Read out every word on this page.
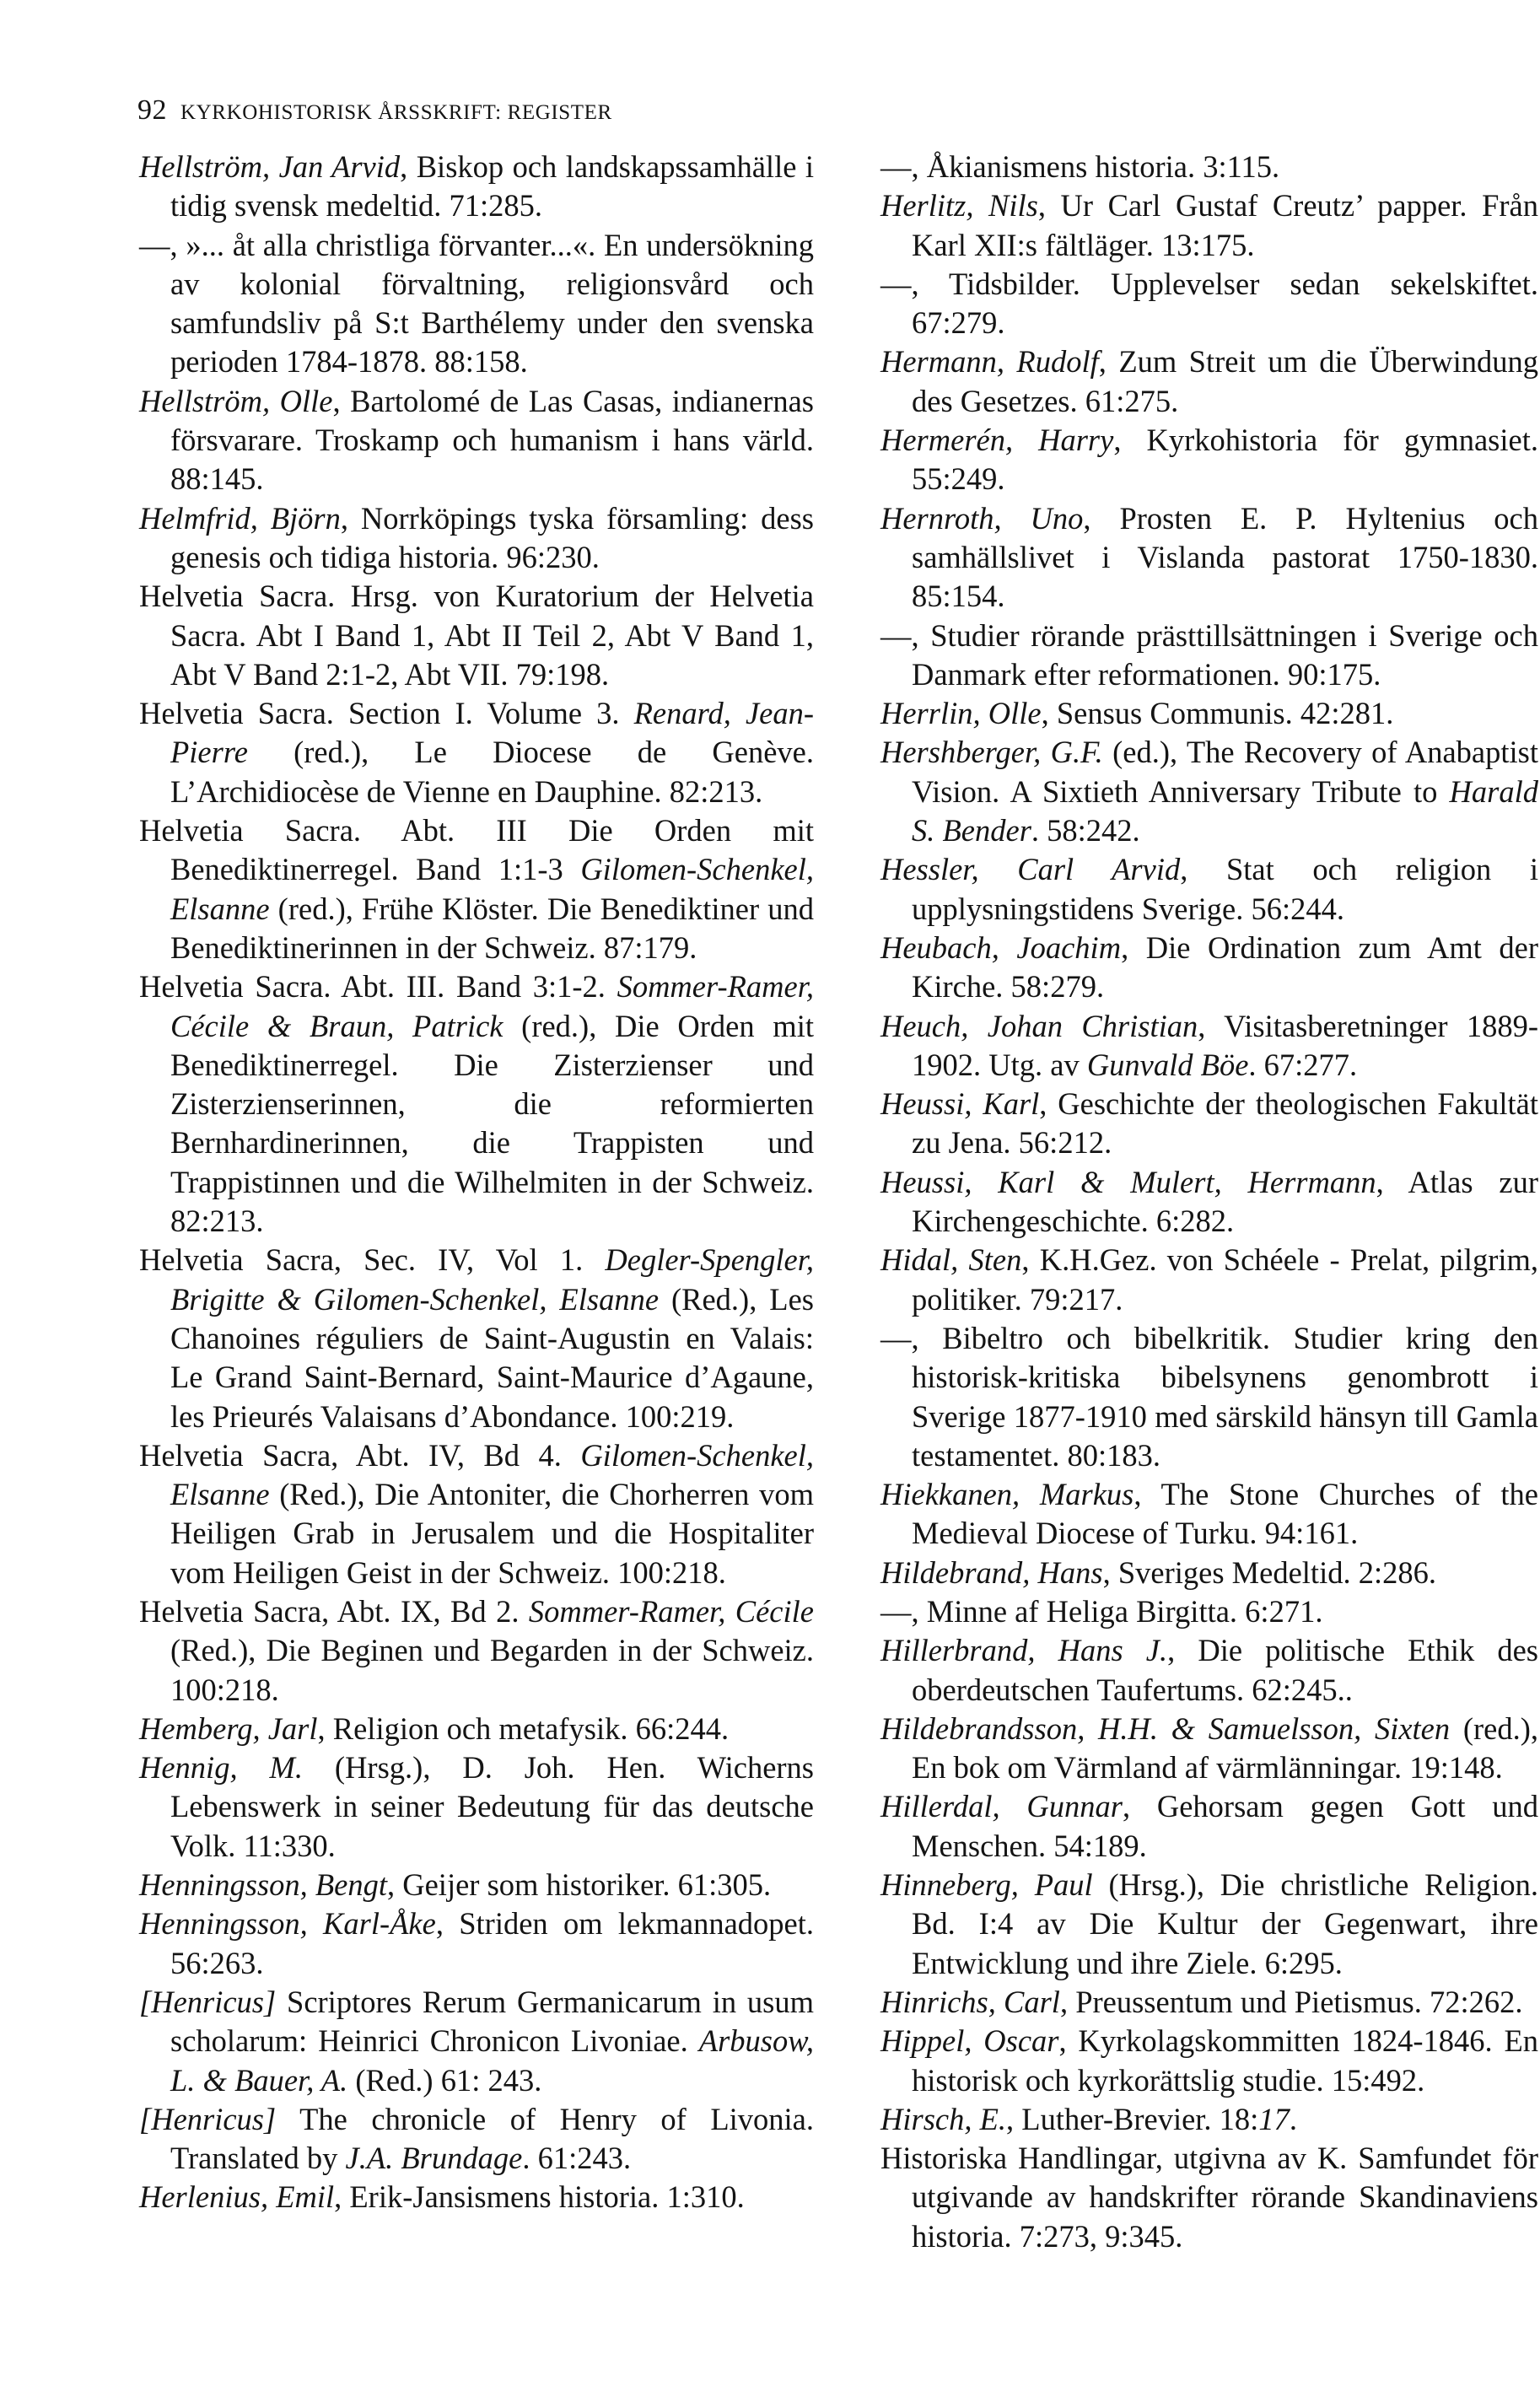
92 KYRKOHISTORISK ÅRSSKRIFT: REGISTER

Hellström, Jan Arvid, Biskop och landskapssamhälle i tidig svensk medeltid. 71:285.

—, »... åt alla christliga förvanter...«. En undersökning av kolonial förvaltning, religionsvård och samfundsliv på S:t Barthélemy under den svenska perioden 1784-1878. 88:158.

Hellström, Olle, Bartolomé de Las Casas, indianernas försvarare. Troskamp och humanism i hans värld. 88:145.

Helmfrid, Björn, Norrköpings tyska församling: dess genesis och tidiga historia. 96:230.

Helvetia Sacra. Hrsg. von Kuratorium der Helvetia Sacra. Abt I Band 1, Abt II Teil 2, Abt V Band 1, Abt V Band 2:1-2, Abt VII. 79:198.

Helvetia Sacra. Section I. Volume 3. Renard, Jean-Pierre (red.), Le Diocese de Genève. L’Archidiocèse de Vienne en Dauphine. 82:213.

Helvetia Sacra. Abt. III Die Orden mit Benediktinerregel. Band 1:1-3 Gilomen-Schenkel, Elsanne (red.), Frühe Klöster. Die Benediktiner und Benediktinerinnen in der Schweiz. 87:179.

Helvetia Sacra. Abt. III. Band 3:1-2. Sommer-Ramer, Cécile & Braun, Patrick (red.), Die Orden mit Benediktinerregel. Die Zisterzienser und Zisterzienserinnen, die reformierten Bernhardinerinnen, die Trappisten und Trappistinnen und die Wilhelmiten in der Schweiz. 82:213.

Helvetia Sacra, Sec. IV, Vol 1. Degler-Spengler, Brigitte & Gilomen-Schenkel, Elsanne (Red.), Les Chanoines réguliers de Saint-Augustin en Valais: Le Grand Saint-Bernard, Saint-Maurice d’Agaune, les Prieurés Valaisans d’Abondance. 100:219.

Helvetia Sacra, Abt. IV, Bd 4. Gilomen-Schenkel, Elsanne (Red.), Die Antoniter, die Chorherren vom Heiligen Grab in Jerusalem und die Hospitaliter vom Heiligen Geist in der Schweiz. 100:218.

Helvetia Sacra, Abt. IX, Bd 2. Sommer-Ramer, Cécile (Red.), Die Beginen und Begarden in der Schweiz. 100:218.

Hemberg, Jarl, Religion och metafysik. 66:244.

Hennig, M. (Hrsg.), D. Joh. Hen. Wicherns Lebenswerk in seiner Bedeutung für das deutsche Volk. 11:330.

Henningsson, Bengt, Geijer som historiker. 61:305.

Henningsson, Karl-Åke, Striden om lekmannadopet. 56:263.

[Henricus] Scriptores Rerum Germanicarum in usum scholarum: Heinrici Chronicon Livoniae. Arbusow, L. & Bauer, A. (Red.) 61: 243.

[Henricus] The chronicle of Henry of Livonia. Translated by J.A. Brundage. 61:243.

Herlenius, Emil, Erik-Jansismens historia. 1:310.

—, Åkianismens historia. 3:115.

Herlitz, Nils, Ur Carl Gustaf Creutz’ papper. Från Karl XII:s fältläger. 13:175.

—, Tidsbilder. Upplevelser sedan sekelskiftet. 67:279.

Hermann, Rudolf, Zum Streit um die Überwindung des Gesetzes. 61:275.

Hermerén, Harry, Kyrkohistoria för gymnasiet. 55:249.

Hernroth, Uno, Prosten E. P. Hyltenius och samhällslivet i Vislanda pastorat 1750-1830. 85:154.

—, Studier rörande prästtillsättningen i Sverige och Danmark efter reformationen. 90:175.

Herrlin, Olle, Sensus Communis. 42:281.

Hershberger, G.F. (ed.), The Recovery of Anabaptist Vision. A Sixtieth Anniversary Tribute to Harald S. Bender. 58:242.

Hessler, Carl Arvid, Stat och religion i upplysningstidens Sverige. 56:244.

Heubach, Joachim, Die Ordination zum Amt der Kirche. 58:279.

Heuch, Johan Christian, Visitasberetninger 1889-1902. Utg. av Gunvald Böe. 67:277.

Heussi, Karl, Geschichte der theologischen Fakultät zu Jena. 56:212.

Heussi, Karl & Mulert, Herrmann, Atlas zur Kirchengeschichte. 6:282.

Hidal, Sten, K.H.Gez. von Schéele - Prelat, pilgrim, politiker. 79:217.

—, Bibeltro och bibelkritik. Studier kring den historisk-kritiska bibelsynens genombrott i Sverige 1877-1910 med särskild hänsyn till Gamla testamentet. 80:183.

Hiekkanen, Markus, The Stone Churches of the Medieval Diocese of Turku. 94:161.

Hildebrand, Hans, Sveriges Medeltid. 2:286.

—, Minne af Heliga Birgitta. 6:271.

Hillerbrand, Hans J., Die politische Ethik des oberdeutschen Taufertums. 62:245..

Hildebrandsson, H.H. & Samuelsson, Sixten (red.), En bok om Värmland af värmlänningar. 19:148.

Hillerdal, Gunnar, Gehorsam gegen Gott und Menschen. 54:189.

Hinneberg, Paul (Hrsg.), Die christliche Religion. Bd. I:4 av Die Kultur der Gegenwart, ihre Entwicklung und ihre Ziele. 6:295.

Hinrichs, Carl, Preussentum und Pietismus. 72:262.

Hippel, Oscar, Kyrkolagskommitten 1824-1846. En historisk och kyrkorättslig studie. 15:492.

Hirsch, E., Luther-Brevier. 18:17.

Historiska Handlingar, utgivna av K. Samfundet för utgivande av handskrifter rörande Skandinaviens historia. 7:273, 9:345.
